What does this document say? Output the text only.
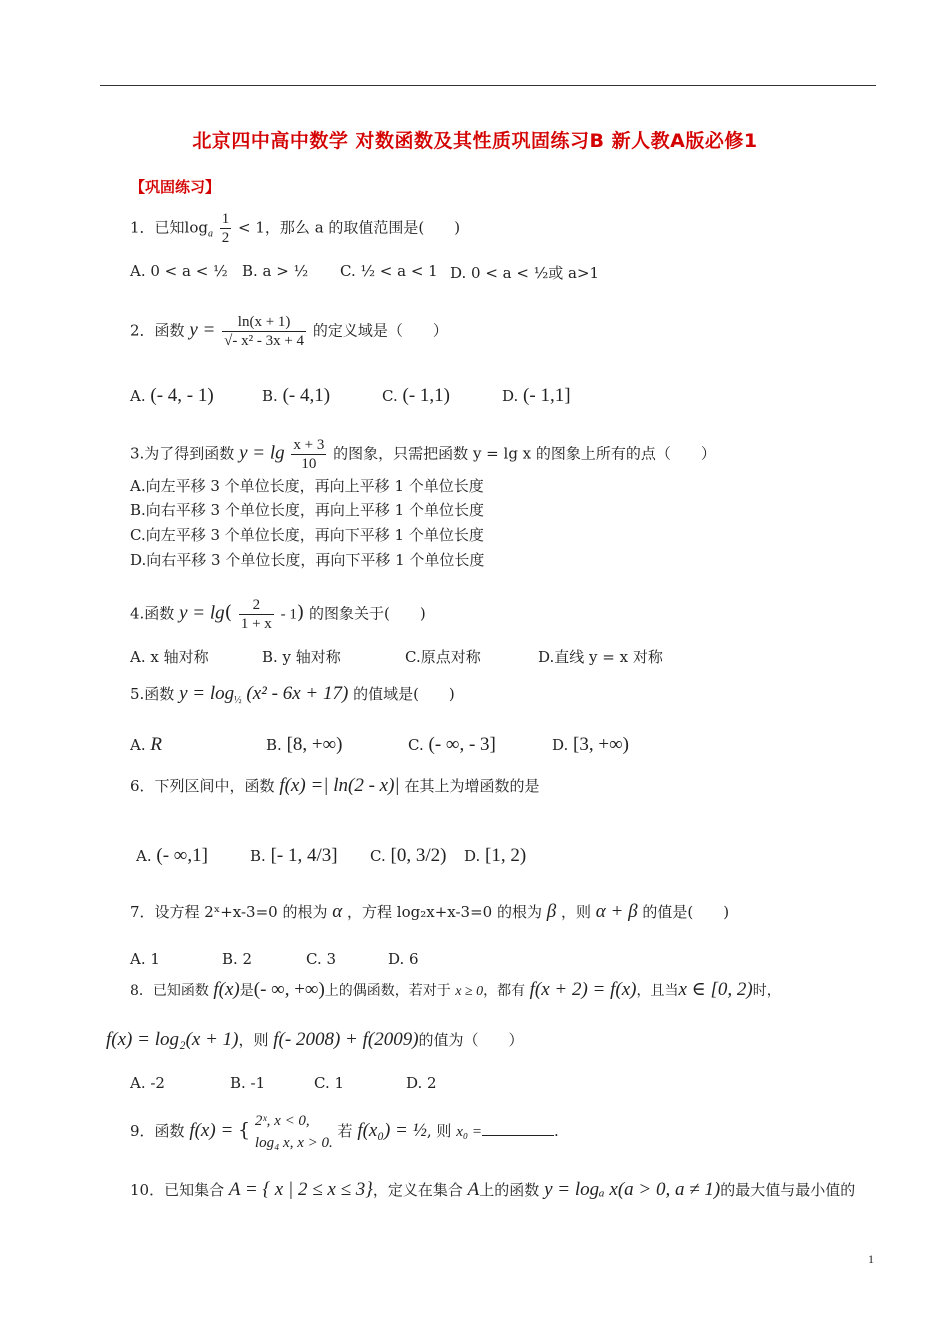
北京四中高中数学 对数函数及其性质巩固练习B 新人教A版必修1
【巩固练习】
1．已知$\log_a \frac{1}{2} < 1$，那么 a 的取值范围是(　　)
A. 0 < a < ½ B. a > ½ C. ½ < a < 1 D. 0 < a < ½或 a>1
2．函数 $y = \frac{\ln(x + 1)}{\text{√- x² - 3x + 4}}$ 的定义域是（　　）
A. (- 4, - 1)	B. (- 4,1)	C. (- 1,1)	D. (- 1,1]
3.为了得到函数 $y = \lg \frac{x + 3}{10}$ 的图象，只需把函数 y = lg x 的图象上所有的点（　　）
A.向左平移 3 个单位长度，再向上平移 1 个单位长度
B.向右平移 3 个单位长度，再向上平移 1 个单位长度
C.向左平移 3 个单位长度，再向下平移 1 个单位长度
D.向右平移 3 个单位长度，再向下平移 1 个单位长度
4.函数 $y = \lg( \frac{2}{1 + x} - 1)$ 的图象关于(　　)
A. x 轴对称	B. y 轴对称	C.原点对称	D.直线 y = x 对称
5.函数 $y = \log_{\frac{1}{2}} (x^2 - 6x + 17)$ 的值域是(　　)
A. R	B. [8, +∞)	C. (- ∞, - 3]	D. [3, +∞)
6．下列区间中，函数 f(x) =| ln(2 - x)| 在其上为增函数的是
A. (- ∞,1]	B. [- 1, 4/3] C. [0, 3/2) D. [1, 2)
7．设方程 2ˣ+x-3=0 的根为 α ，方程 log₂x+x-3=0 的根为 β ，则 α + β 的值是(　　)
A. 1	B. 2	C. 3	D. 6
8．已知函数 f(x)是(- ∞, +∞)上的偶函数，若对于 x ≥ 0，都有 f(x + 2) = f(x)，且当x ∈ [0, 2)时，
f(x) = log₂(x + 1)，则 f(- 2008) + f(2009)的值为（　　）
A. -2	B. -1	C. 1	D. 2
9．函数 f(x) = { 2ˣ, x < 0,
log₄ x, x > 0.
若 f(x₀) = ½, 则 x₀ =	.
10．已知集合 A = { x | 2 ≤ x ≤ 3}，定义在集合 A上的函数 y = logₐ x(a > 0, a ≠ 1)的最大值与最小值的
1
